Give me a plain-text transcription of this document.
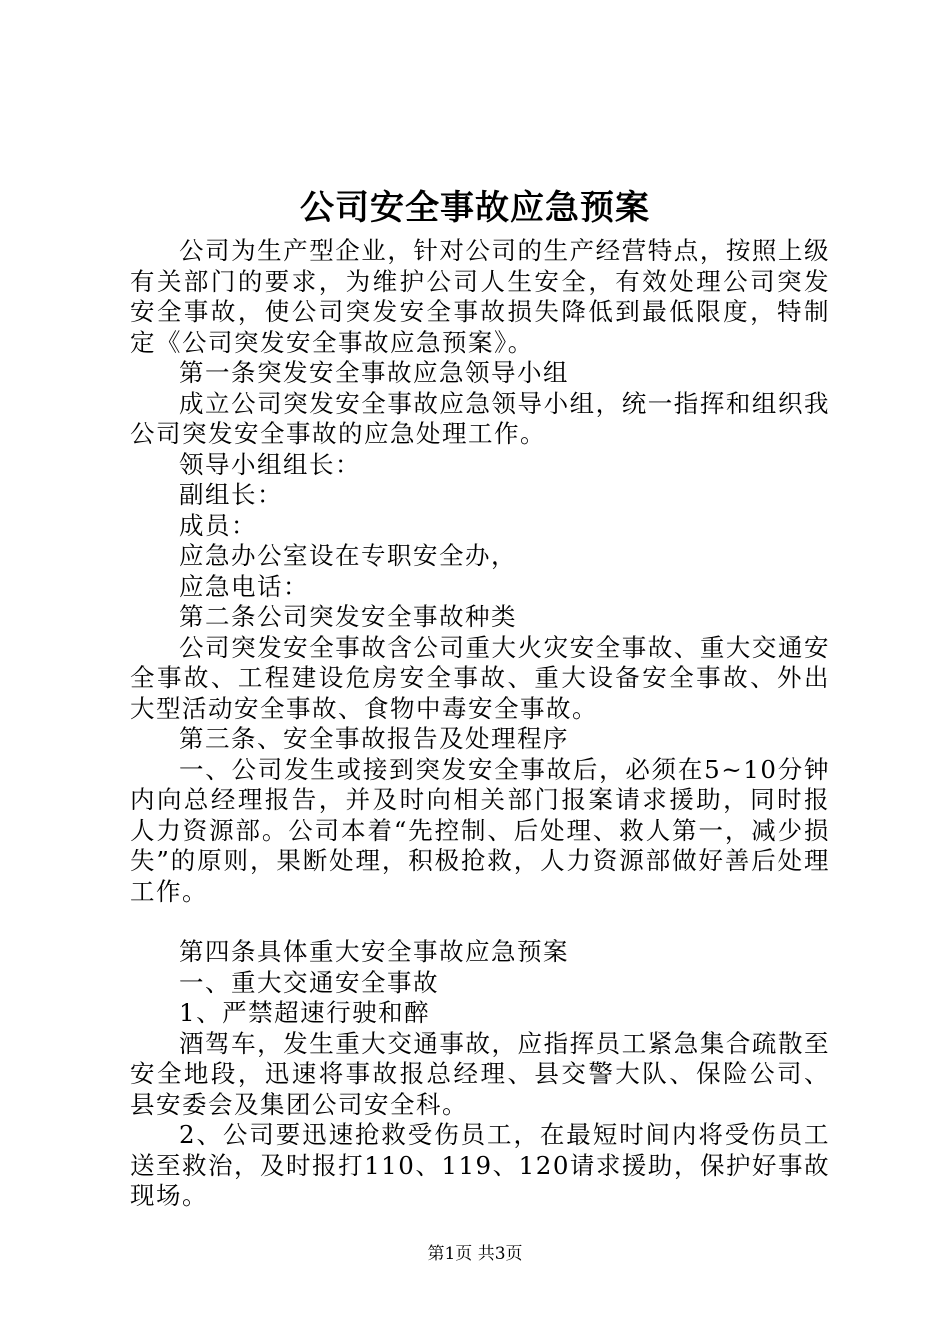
公司安全事故应急预案

公司为生产型企业，针对公司的生产经营特点，按照上级有关部门的要求，为维护公司人生安全，有效处理公司突发安全事故，使公司突发安全事故损失降低到最低限度，特制定《公司突发安全事故应急预案》。

第一条突发安全事故应急领导小组

成立公司突发安全事故应急领导小组，统一指挥和组织我公司突发安全事故的应急处理工作。

领导小组组长：

副组长：

成员：

应急办公室设在专职安全办，

应急电话：

第二条公司突发安全事故种类

公司突发安全事故含公司重大火灾安全事故、重大交通安全事故、工程建设危房安全事故、重大设备安全事故、外出大型活动安全事故、食物中毒安全事故。

第三条、安全事故报告及处理程序

一、公司发生或接到突发安全事故后，必须在5~10分钟内向总经理报告，并及时向相关部门报案请求援助，同时报人力资源部。公司本着“先控制、后处理、救人第一，减少损失”的原则，果断处理，积极抢救，人力资源部做好善后处理工作。

第四条具体重大安全事故应急预案

一、重大交通安全事故

1、严禁超速行驶和醉

酒驾车，发生重大交通事故，应指挥员工紧急集合疏散至安全地段，迅速将事故报总经理、县交警大队、保险公司、县安委会及集团公司安全科。

2、公司要迅速抢救受伤员工，在最短时间内将受伤员工送至救治，及时报打110、119、120请求援助，保护好事故现场。

第1页 共3页
